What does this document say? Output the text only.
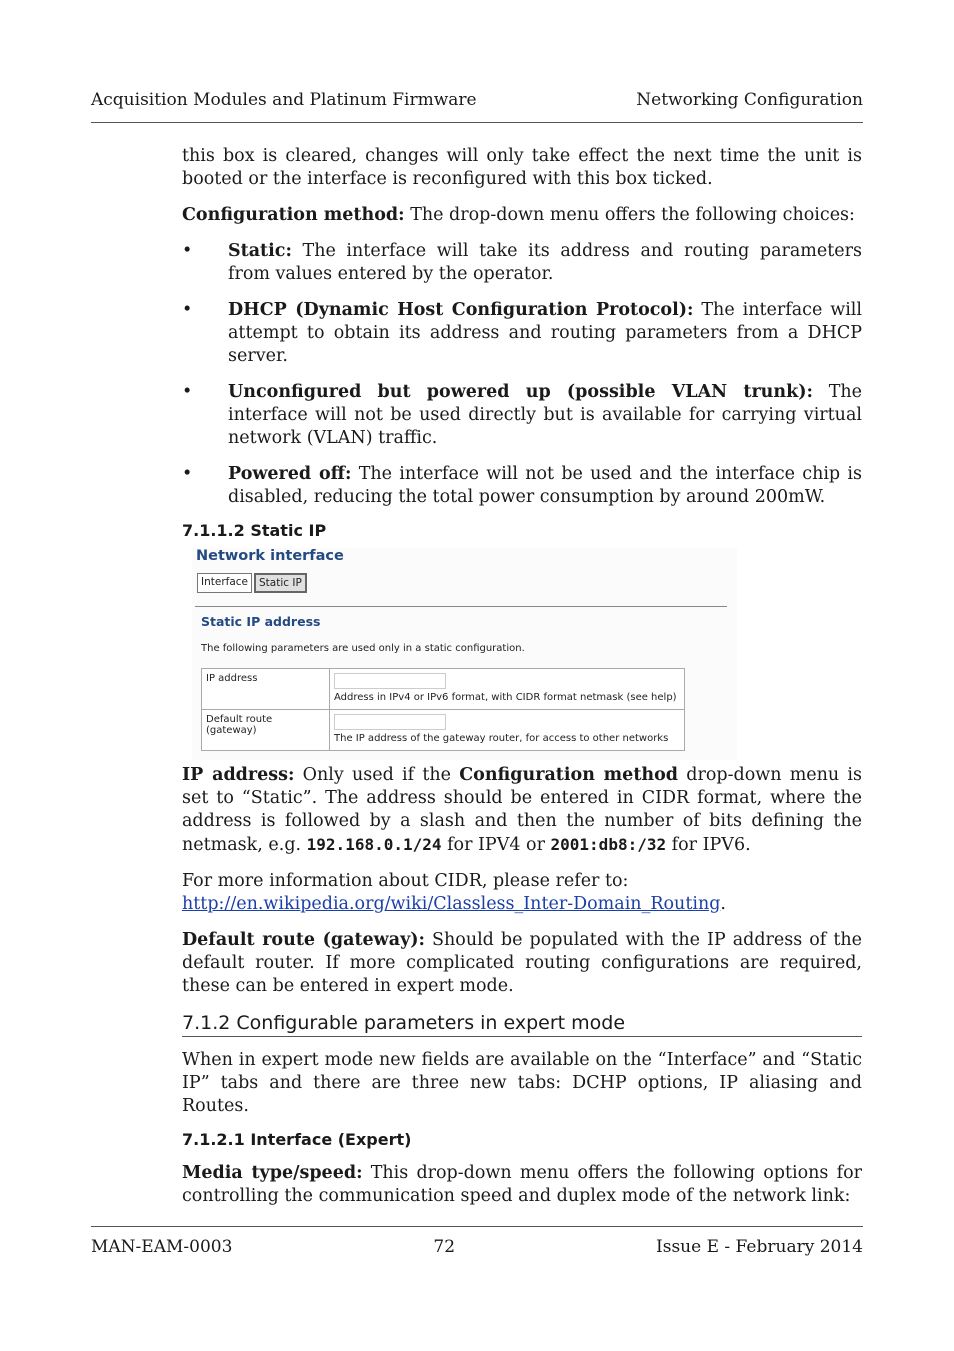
Acquisition Modules and Platinum Firmware	Networking Configuration

this box is cleared, changes will only take effect the next time the unit is booted or the interface is reconfigured with this box ticked.

Configuration method: The drop-down menu offers the following choices:

•	Static: The interface will take its address and routing parameters from values entered by the operator.

•	DHCP (Dynamic Host Configuration Protocol): The interface will attempt to obtain its address and routing parameters from a DHCP server.

•	Unconfigured but powered up (possible VLAN trunk): The interface will not be used directly but is available for carrying virtual network (VLAN) traffic.

•	Powered off: The interface will not be used and the interface chip is disabled, reducing the total power consumption by around 200mW.

7.1.1.2 Static IP
Network interface
Interface	Static IP
Static IP address
The following parameters are used only in a static configuration.
IP address	Address in IPv4 or IPv6 format, with CIDR format netmask (see help)

Default route (gateway)	The IP address of the gateway router, for access to other networks

IP address: Only used if the Configuration method drop-down menu is set to “Static”. The address should be entered in CIDR format, where the address is followed by a slash and then the number of bits defining the netmask, e.g. 192.168.0.1/24 for IPV4 or 2001:db8:/32 for IPV6.

For more information about CIDR, please refer to:
http://en.wikipedia.org/wiki/Classless_Inter-Domain_Routing.

Default route (gateway): Should be populated with the IP address of the default router. If more complicated routing configurations are required, these can be entered in expert mode.

7.1.2 Configurable parameters in expert mode

When in expert mode new fields are available on the “Interface” and “Static IP” tabs and there are three new tabs: DCHP options, IP aliasing and Routes.

7.1.2.1 Interface (Expert)

Media type/speed: This drop-down menu offers the following options for controlling the communication speed and duplex mode of the network link:

MAN-EAM-0003	72	Issue E - February 2014
